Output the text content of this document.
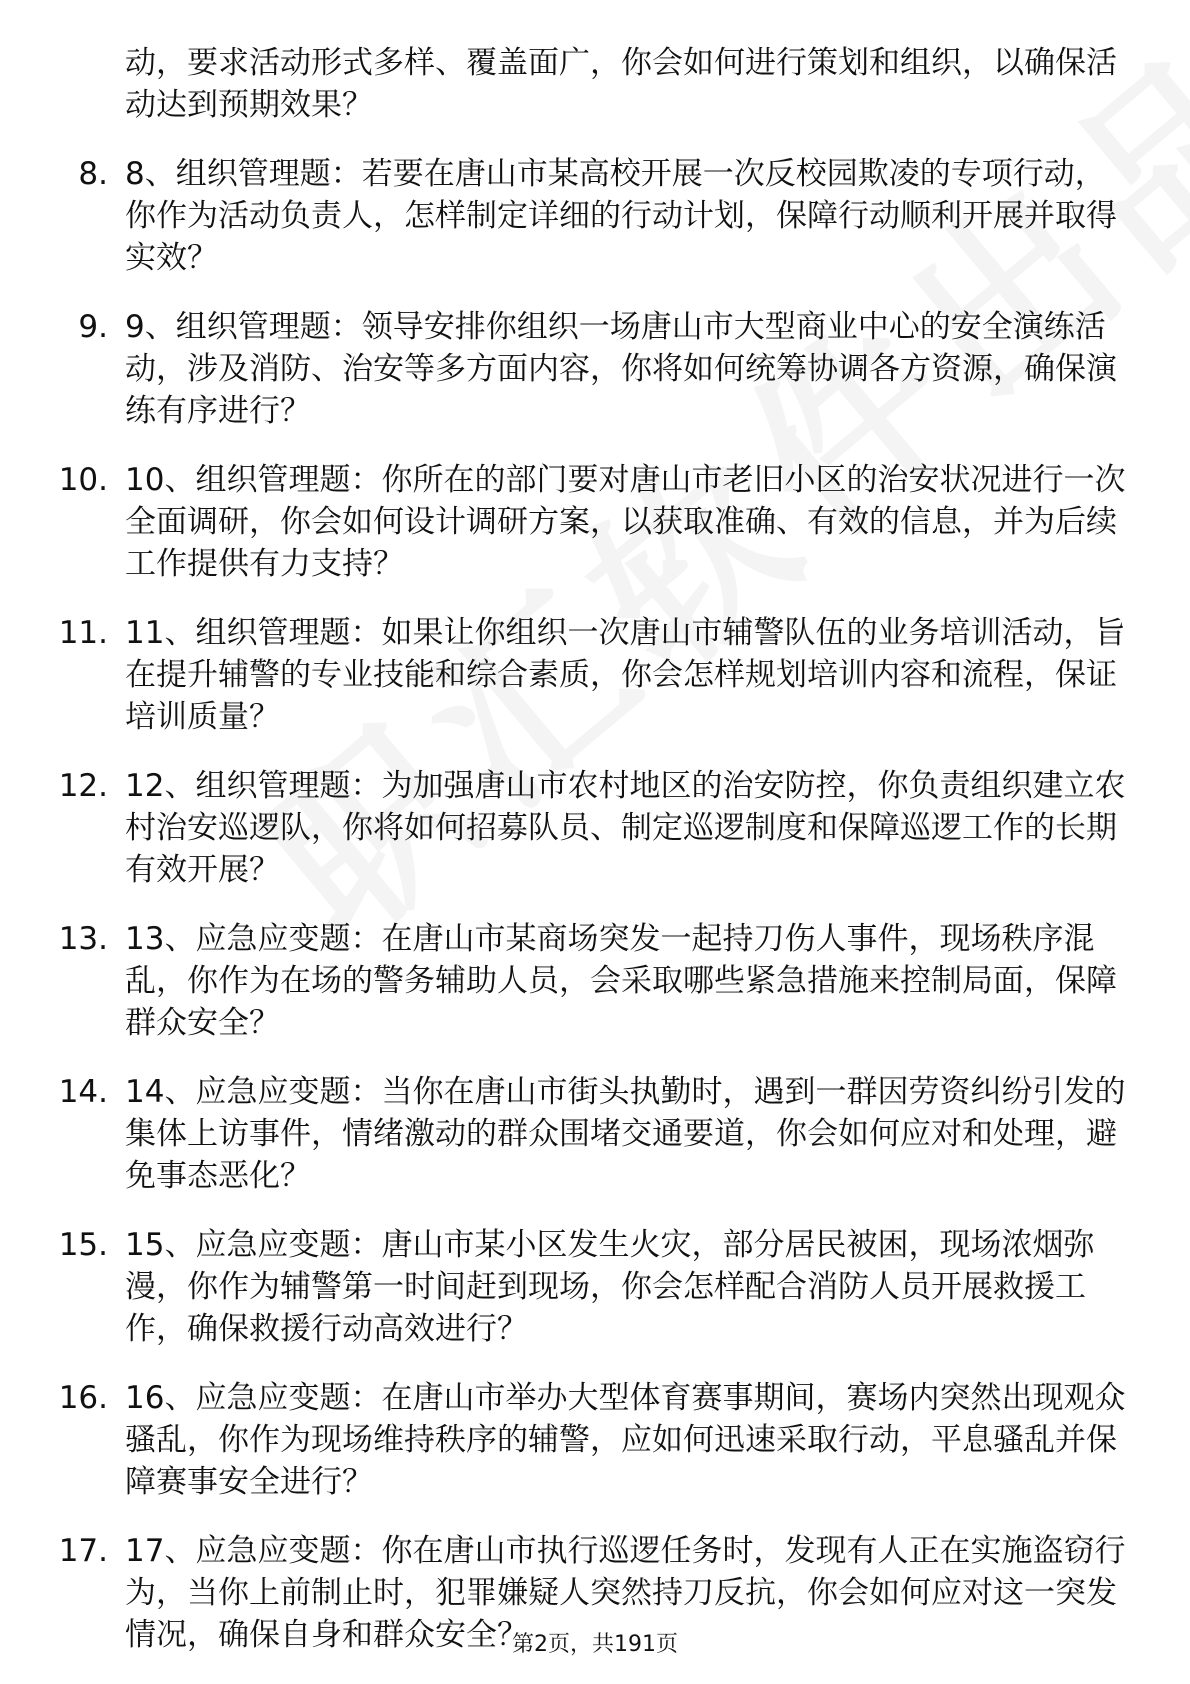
动，要求活动形式多样、覆盖面广，你会如何进行策划和组织，以确保活动达到预期效果？
8. 8、组织管理题：若要在唐山市某高校开展一次反校园欺凌的专项行动，你作为活动负责人，怎样制定详细的行动计划，保障行动顺利开展并取得实效？
9. 9、组织管理题：领导安排你组织一场唐山市大型商业中心的安全演练活动，涉及消防、治安等多方面内容，你将如何统筹协调各方资源，确保演练有序进行？
10. 10、组织管理题：你所在的部门要对唐山市老旧小区的治安状况进行一次全面调研，你会如何设计调研方案，以获取准确、有效的信息，并为后续工作提供有力支持？
11. 11、组织管理题：如果让你组织一次唐山市辅警队伍的业务培训活动，旨在提升辅警的专业技能和综合素质，你会怎样规划培训内容和流程，保证培训质量？
12. 12、组织管理题：为加强唐山市农村地区的治安防控，你负责组织建立农村治安巡逻队，你将如何招募队员、制定巡逻制度和保障巡逻工作的长期有效开展？
13. 13、应急应变题：在唐山市某商场突发一起持刀伤人事件，现场秩序混乱，你作为在场的警务辅助人员，会采取哪些紧急措施来控制局面，保障群众安全？
14. 14、应急应变题：当你在唐山市街头执勤时，遇到一群因劳资纠纷引发的集体上访事件，情绪激动的群众围堵交通要道，你会如何应对和处理，避免事态恶化？
15. 15、应急应变题：唐山市某小区发生火灾，部分居民被困，现场浓烟弥漫，你作为辅警第一时间赶到现场，你会怎样配合消防人员开展救援工作，确保救援行动高效进行？
16. 16、应急应变题：在唐山市举办大型体育赛事期间，赛场内突然出现观众骚乱，你作为现场维持秩序的辅警，应如何迅速采取行动，平息骚乱并保障赛事安全进行？
17. 17、应急应变题：你在唐山市执行巡逻任务时，发现有人正在实施盗窃行为，当你上前制止时，犯罪嫌疑人突然持刀反抗，你会如何应对这一突发情况，确保自身和群众安全？
第2页，共191页
